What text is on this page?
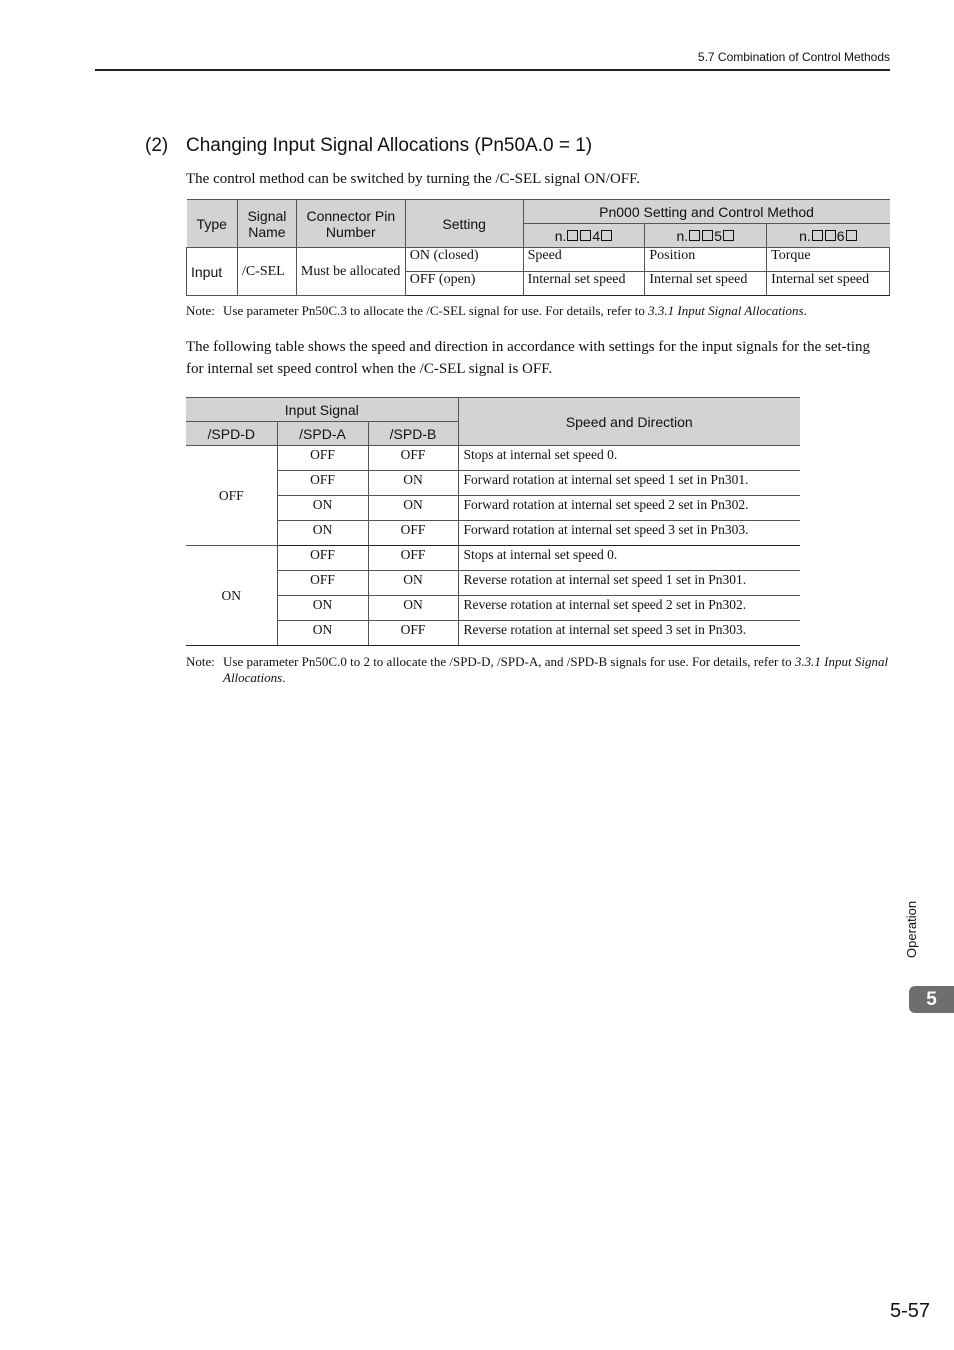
5.7 Combination of Control Methods
(2) Changing Input Signal Allocations (Pn50A.0 = 1)
The control method can be switched by turning the /C-SEL signal ON/OFF.
Type	Signal Name	Connector Pin Number	Setting	Pn000 Setting and Control Method		
				n. 4	n. 5	n. 6
Input	/C-SEL	Must be allocated	ON (closed)	Speed	Position	Torque
			OFF (open)	Internal set speed	Internal set speed	Internal set speed
Note: Use parameter Pn50C.3 to allocate the /C-SEL signal for use. For details, refer to 3.3.1 Input Signal Allocations.
The following table shows the speed and direction in accordance with settings for the input signals for the set-ting for internal set speed control when the /C-SEL signal is OFF.
Input Signal			Speed and Direction
/SPD-D	/SPD-A	/SPD-B	
OFF	OFF	OFF	Stops at internal set speed 0.
	OFF	ON	Forward rotation at internal set speed 1 set in Pn301.
	ON	ON	Forward rotation at internal set speed 2 set in Pn302.
	ON	OFF	Forward rotation at internal set speed 3 set in Pn303.
ON	OFF	OFF	Stops at internal set speed 0.
	OFF	ON	Reverse rotation at internal set speed 1 set in Pn301.
	ON	ON	Reverse rotation at internal set speed 2 set in Pn302.
	ON	OFF	Reverse rotation at internal set speed 3 set in Pn303.
Note: Use parameter Pn50C.0 to 2 to allocate the /SPD-D, /SPD-A, and /SPD-B signals for use. For details, refer to 3.3.1 Input Signal Allocations.
Operation
5
5-57
